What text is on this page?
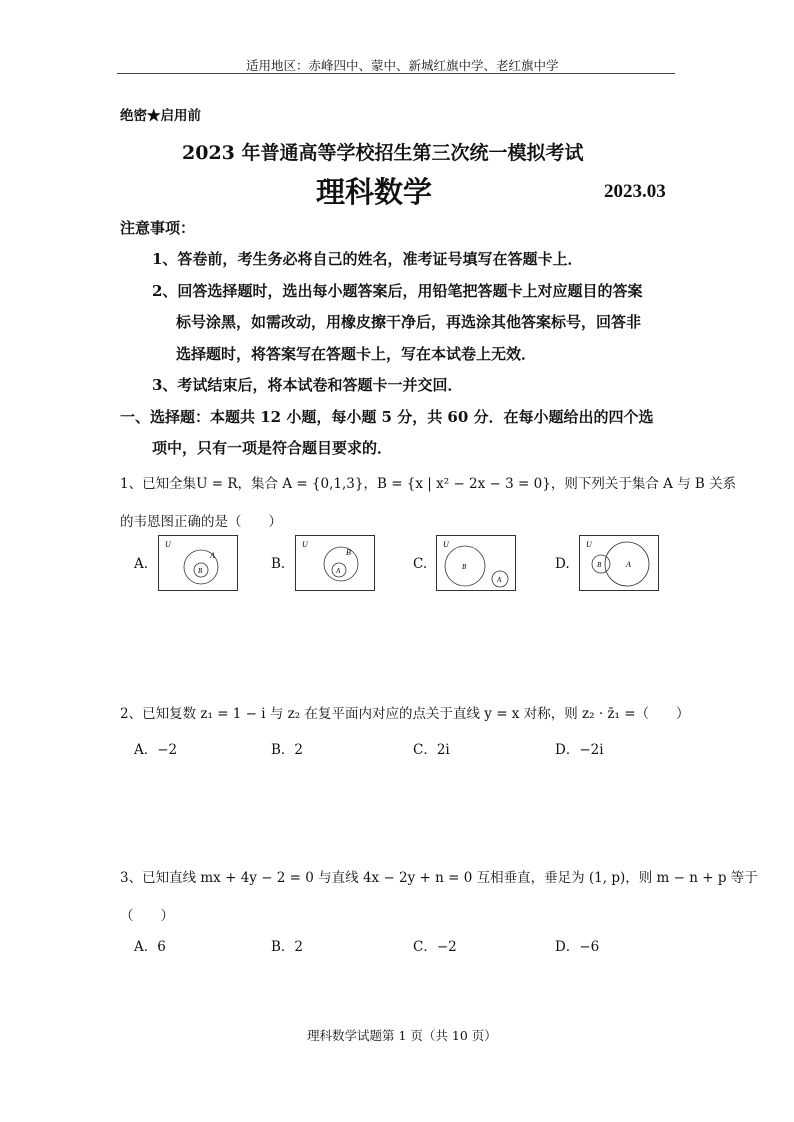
适用地区：赤峰四中、蒙中、新城红旗中学、老红旗中学
绝密★启用前
2023 年普通高等学校招生第三次统一模拟考试
理科数学	2023.03
注意事项：
1、答卷前，考生务必将自己的姓名，准考证号填写在答题卡上．
2、回答选择题时，选出每小题答案后，用铅笔把答题卡上对应题目的答案
标号涂黑，如需改动，用橡皮擦干净后，再选涂其他答案标号，回答非
选择题时，将答案写在答题卡上，写在本试卷上无效．
3、考试结束后，将本试卷和答题卡一并交回．
一、选择题：本题共 12 小题，每小题 5 分，共 60 分．在每小题给出的四个选
项中，只有一项是符合题目要求的．
1、已知全集U = R，集合 A = {0,1,3}，B = {x | x² − 2x − 3 = 0}，则下列关于集合 A 与 B 关系
的韦恩图正确的是（　　）
A.	B.	C.	D.
U
A
B
U
B
A
U
B
A
U
B	A
2、已知复数 z₁ = 1 − i 与 z₂ 在复平面内对应的点关于直线 y = x 对称，则 z₂ · z̄₁ =（　　）
A．−2	B．2	C．2i	D．−2i
3、已知直线 mx + 4y − 2 = 0 与直线 4x − 2y + n = 0 互相垂直，垂足为 (1, p)，则 m − n + p 等于
（　　）
A．6	B．2	C．−2	D．−6
理科数学试题第 1 页（共 10 页）
